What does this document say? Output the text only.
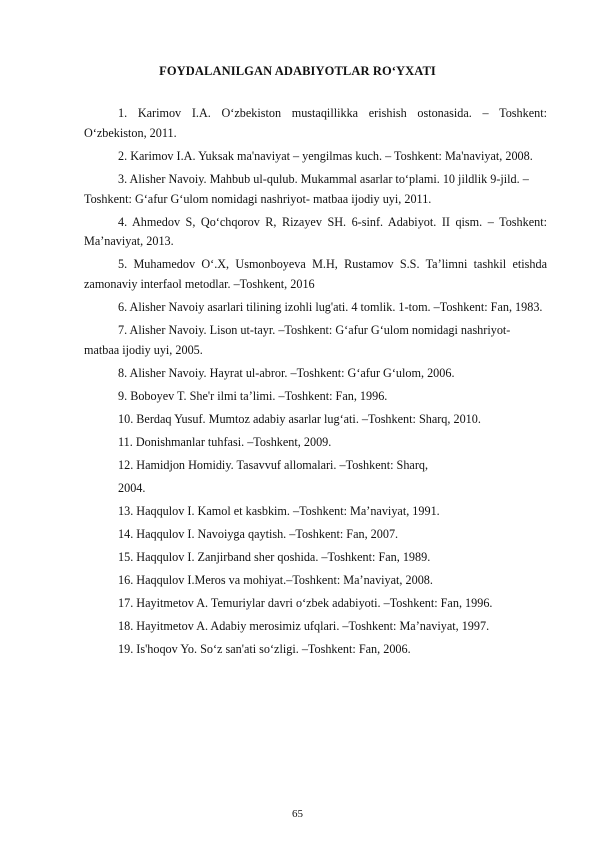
FOYDALANILGAN ADABIYOTLAR RO‘YXATI

1. Karimov I.A. O‘zbekiston mustaqillikka erishish ostonasida. – Toshkent: O‘zbekiston, 2011.

2. Karimov I.A. Yuksak ma'naviyat – yengilmas kuch. – Toshkent: Ma'naviyat, 2008.

3. Alisher Navoiy. Mahbub ul-qulub. Mukammal asarlar to‘plami. 10 jildlik 9-jild. – Toshkent: G‘afur G‘ulom nomidagi nashriyot- matbaa ijodiy uyi, 2011.

4. Ahmedov S, Qo‘chqorov R, Rizayev SH. 6-sinf. Adabiyot. II qism. – Toshkent: Ma’naviyat, 2013.

5. Muhamedov O‘.X, Usmonboyeva M.H, Rustamov S.S. Ta’limni tashkil etishda zamonaviy interfaol metodlar. –Toshkent, 2016

6. Alisher Navoiy asarlari tilining izohli lug'ati. 4 tomlik. 1-tom. –Toshkent: Fan, 1983.

7. Alisher Navoiy. Lison ut-tayr. –Toshkent: G‘afur G‘ulom nomidagi nashriyot- matbaa ijodiy uyi, 2005.

8. Alisher Navoiy. Hayrat ul-abror. –Toshkent: G‘afur G‘ulom, 2006.

9. Boboyev T. She'r ilmi ta’limi. –Toshkent: Fan, 1996.

10. Berdaq Yusuf. Mumtoz adabiy asarlar lug‘ati. –Toshkent: Sharq, 2010.

11. Donishmanlar tuhfasi. –Toshkent, 2009.

12. Hamidjon Homidiy. Tasavvuf allomalari. –Toshkent: Sharq,

2004.

13. Haqqulov I. Kamol et kasbkim. –Toshkent: Ma’naviyat, 1991.

14. Haqqulov I. Navoiyga qaytish. –Toshkent: Fan, 2007.

15. Haqqulov I. Zanjirband sher qoshida. –Toshkent: Fan, 1989.

16. Haqqulov I.Meros va mohiyat.–Toshkent: Ma’naviyat, 2008.

17. Hayitmetov A. Temuriylar davri o‘zbek adabiyoti. –Toshkent: Fan, 1996.

18. Hayitmetov A. Adabiy merosimiz ufqlari. –Toshkent: Ma’naviyat, 1997.

19. Is'hoqov Yo. So‘z san'ati so‘zligi. –Toshkent: Fan, 2006.

65
